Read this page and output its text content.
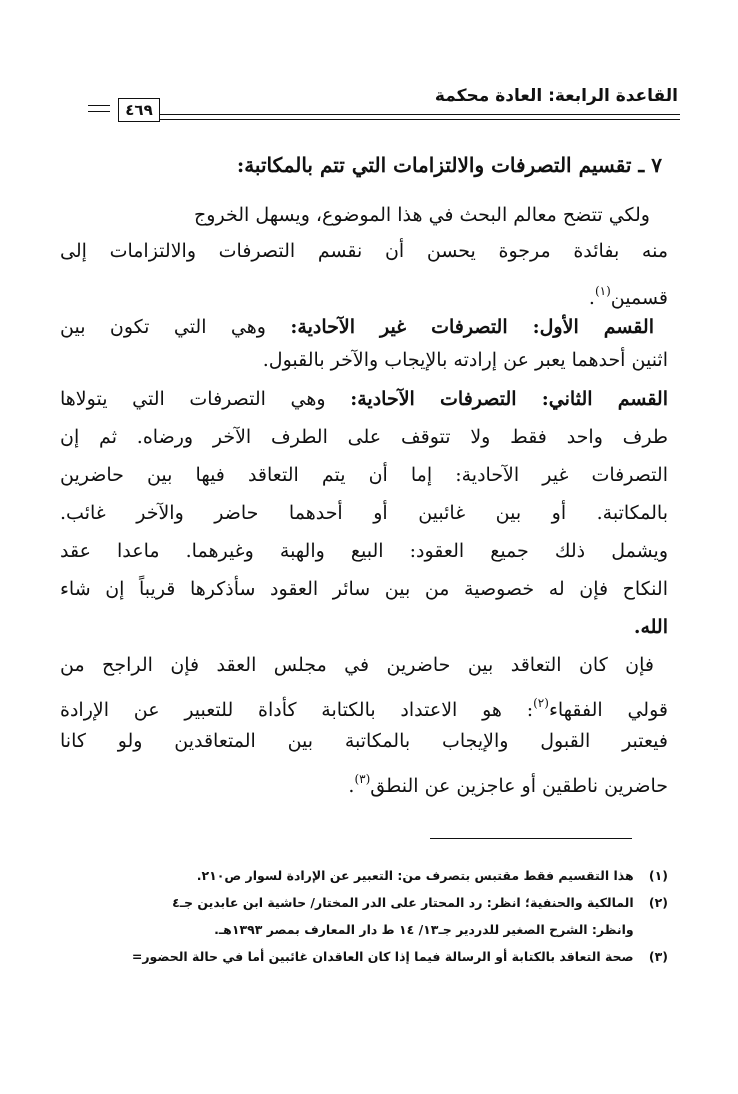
القاعدة الرابعة: العادة محكمة
٤٦٩
٧ ـ تقسيم التصرفات والالتزامات التي تتم بالمكاتبة:
ولكي تتضح معالم البحث في هذا الموضوع، ويسهل الخروج
منه بفائدة مرجوة يحسن أن نقسم التصرفات والالتزامات إلى
قسمين$^{(١)}$.
القسم الأول: التصرفات غير الآحادية: وهي التي تكون بين
اثنين أحدهما يعبر عن إرادته بالإيجاب والآخر بالقبول.
القسم الثاني: التصرفات الآحادية: وهي التصرفات التي يتولاها
طرف واحد فقط ولا تتوقف على الطرف الآخر ورضاه. ثم إن
التصرفات غير الآحادية: إما أن يتم التعاقد فيها بين حاضرين
بالمكاتبة. أو بين غائبين أو أحدهما حاضر والآخر غائب.
ويشمل ذلك جميع العقود: البيع والهبة وغيرهما. ماعدا عقد
النكاح فإن له خصوصية من بين سائر العقود سأذكرها قريباً إن شاء
الله.
فإن كان التعاقد بين حاضرين في مجلس العقد فإن الراجح من
قولي الفقهاء$^{(٢)}$: هو الاعتداد بالكتابة كأداة للتعبير عن الإرادة
فيعتبر القبول والإيجاب بالمكاتبة بين المتعاقدين ولو كانا
حاضرين ناطقين أو عاجزين عن النطق$^{(٣)}$.
(١) هذا التقسيم فقط مقتبس بتصرف من: التعبير عن الإرادة لسوار ص٢١٠.
(٢) المالكية والحنفية؛ انظر: رد المحتار على الدر المختار/ حاشية ابن عابدين جـ٤
وانظر: الشرح الصغير للدردير جـ١٣/ ١٤ ط دار المعارف بمصر ١٣٩٣هـ.
(٣) صحة التعاقد بالكتابة أو الرسالة فيما إذا كان العاقدان غائبين أما في حالة الحضور=
